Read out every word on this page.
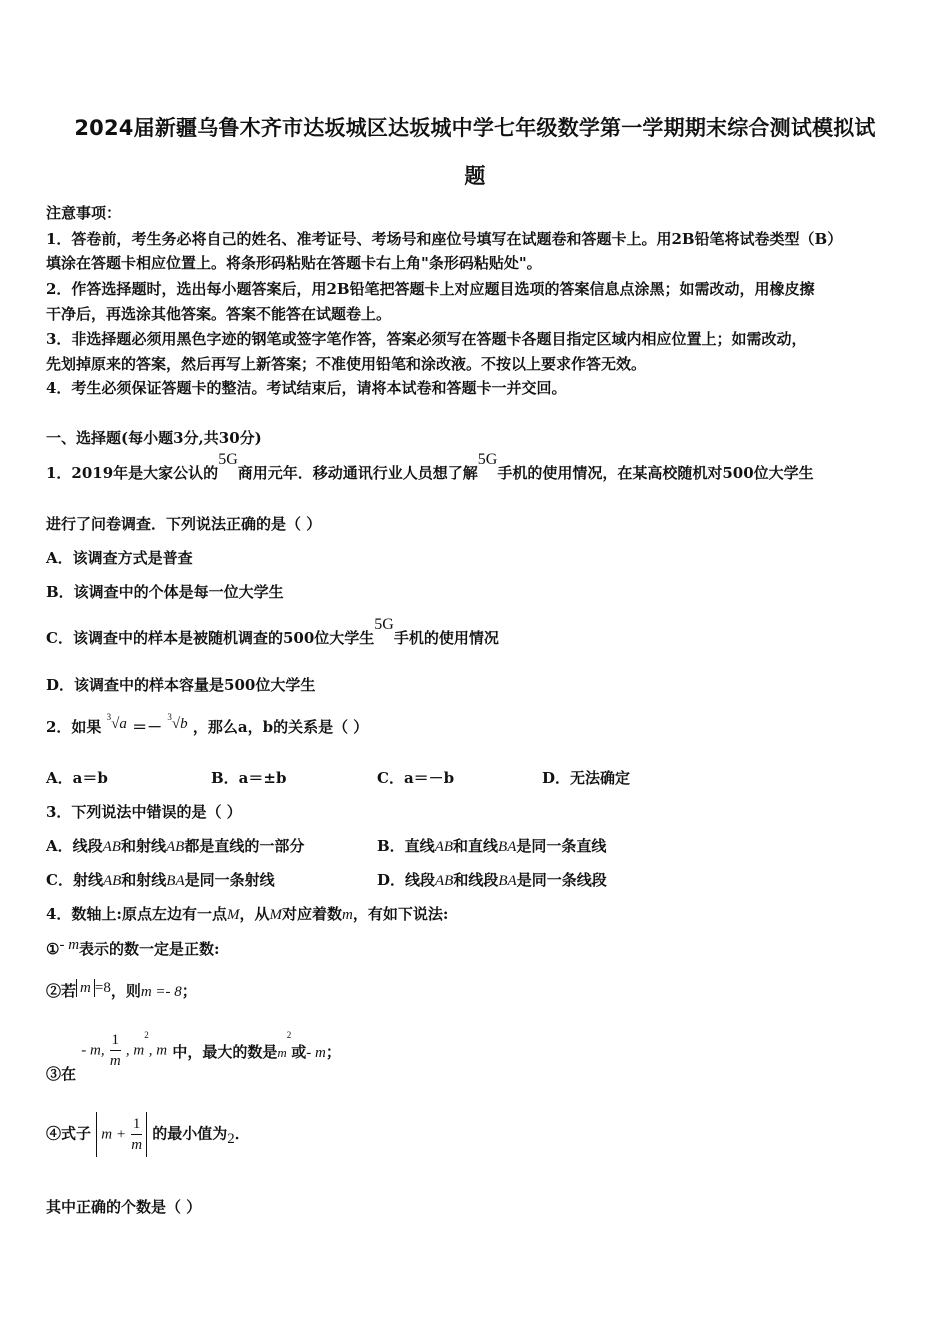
2024届新疆乌鲁木齐市达坂城区达坂城中学七年级数学第一学期期末综合测试模拟试
题
注意事项：
1．答卷前，考生务必将自己的姓名、准考证号、考场号和座位号填写在试题卷和答题卡上。用2B铅笔将试卷类型（B）
填涂在答题卡相应位置上。将条形码粘贴在答题卡右上角"条形码粘贴处"。
2．作答选择题时，选出每小题答案后，用2B铅笔把答题卡上对应题目选项的答案信息点涂黑；如需改动，用橡皮擦
干净后，再选涂其他答案。答案不能答在试题卷上。
3．非选择题必须用黑色字迹的钢笔或签字笔作答，答案必须写在答题卡各题目指定区域内相应位置上；如需改动，
先划掉原来的答案，然后再写上新答案；不准使用铅笔和涂改液。不按以上要求作答无效。
4．考生必须保证答题卡的整洁。考试结束后，请将本试卷和答题卡一并交回。
一、选择题(每小题3分,共30分)
1．2019年是大家公认的5G商用元年．移动通讯行业人员想了解5G手机的使用情况，在某高校随机对500位大学生
进行了问卷调查．下列说法正确的是（ ）
A．该调查方式是普查
B．该调查中的个体是每一位大学生
C．该调查中的样本是被随机调查的500位大学生5G手机的使用情况
D．该调查中的样本容量是500位大学生
2．如果 $^3$√a ＝－ $^3$√b ，那么a，b的关系是（ ）
A．a＝b	B．a＝±b	C．a＝－b	D．无法确定
3．下列说法中错误的是（ ）
A．线段AB和射线AB都是直线的一部分	B．直线AB和直线BA是同一条直线
C．射线AB和射线BA是同一条射线	D．线段AB和线段BA是同一条线段
4．数轴上:原点左边有一点M，从M对应着数m，有如下说法:
①- m表示的数一定是正数:
②若 m =8，则m =- 8；
③在 - m, $\frac{1}{m}$ , $m^2$, m 中，最大的数是$m^2$或- m；
④式子 $m + \frac{1}{m}$ 的最小值为2．
其中正确的个数是（ ）
